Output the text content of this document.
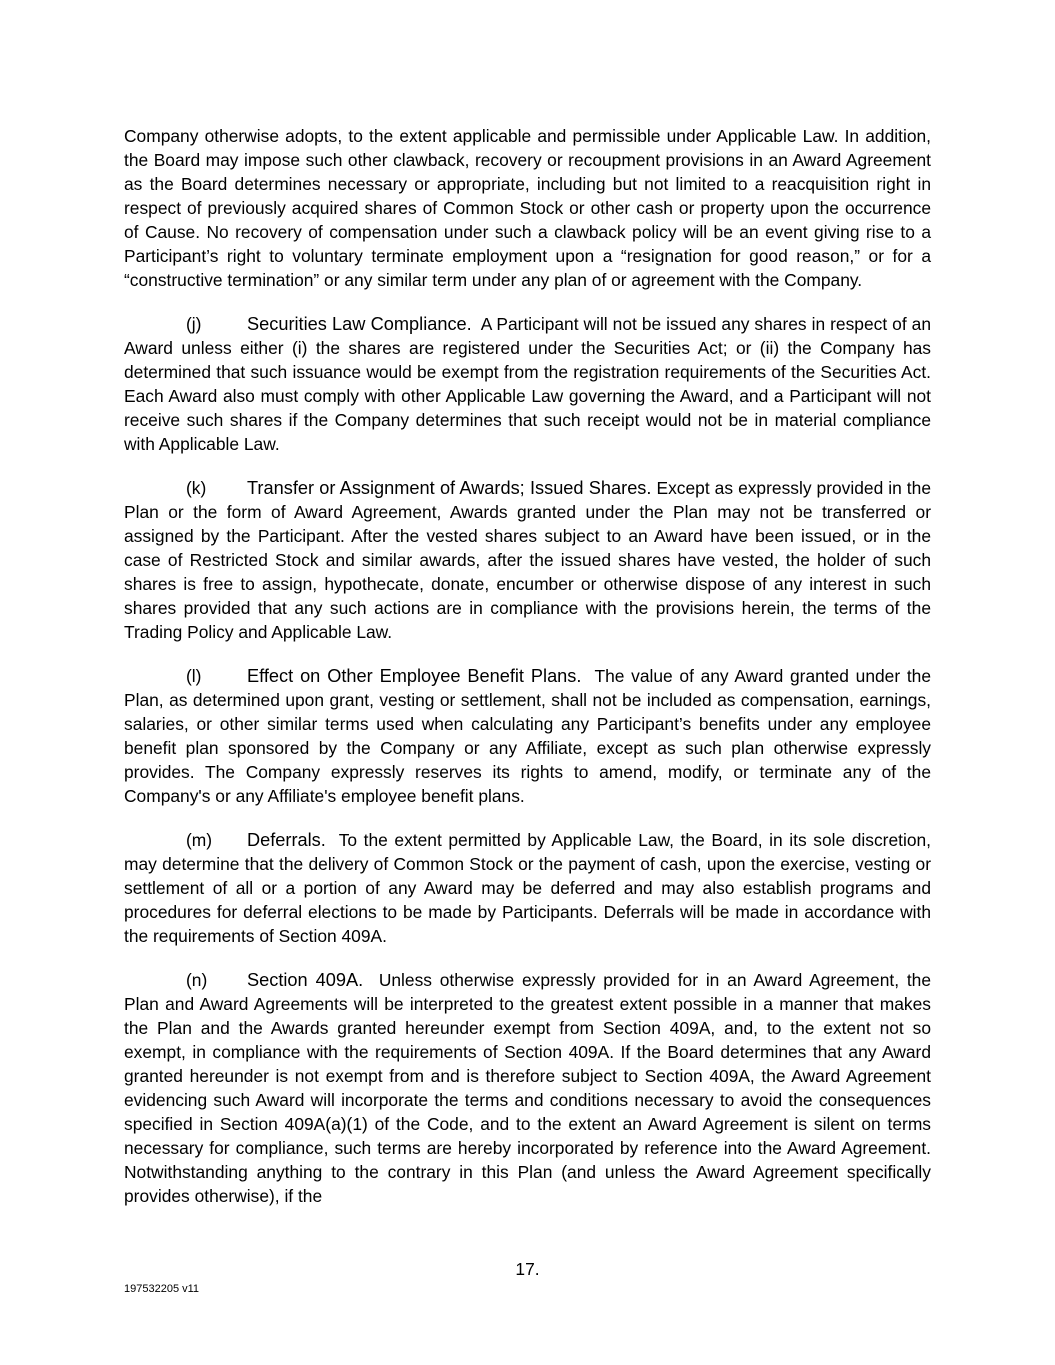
Company otherwise adopts, to the extent applicable and permissible under Applicable Law. In addition, the Board may impose such other clawback, recovery or recoupment provisions in an Award Agreement as the Board determines necessary or appropriate, including but not limited to a reacquisition right in respect of previously acquired shares of Common Stock or other cash or property upon the occurrence of Cause. No recovery of compensation under such a clawback policy will be an event giving rise to a Participant’s right to voluntary terminate employment upon a “resignation for good reason,” or for a “constructive termination” or any similar term under any plan of or agreement with the Company.

(j)	Securities Law Compliance. A Participant will not be issued any shares in respect of an Award unless either (i) the shares are registered under the Securities Act; or (ii) the Company has determined that such issuance would be exempt from the registration requirements of the Securities Act. Each Award also must comply with other Applicable Law governing the Award, and a Participant will not receive such shares if the Company determines that such receipt would not be in material compliance with Applicable Law.

(k) Transfer or Assignment of Awards; Issued Shares. Except as expressly provided in the Plan or the form of Award Agreement, Awards granted under the Plan may not be transferred or assigned by the Participant. After the vested shares subject to an Award have been issued, or in the case of Restricted Stock and similar awards, after the issued shares have vested, the holder of such shares is free to assign, hypothecate, donate, encumber or otherwise dispose of any interest in such shares provided that any such actions are in compliance with the provisions herein, the terms of the Trading Policy and Applicable Law.

(l)	Effect on Other Employee Benefit Plans. The value of any Award granted under the Plan, as determined upon grant, vesting or settlement, shall not be included as compensation, earnings, salaries, or other similar terms used when calculating any Participant’s benefits under any employee benefit plan sponsored by the Company or any Affiliate, except as such plan otherwise expressly provides. The Company expressly reserves its rights to amend, modify, or terminate any of the Company's or any Affiliate's employee benefit plans.

(m) Deferrals. To the extent permitted by Applicable Law, the Board, in its sole discretion, may determine that the delivery of Common Stock or the payment of cash, upon the exercise, vesting or settlement of all or a portion of any Award may be deferred and may also establish programs and procedures for deferral elections to be made by Participants. Deferrals will be made in accordance with the requirements of Section 409A.

(n) Section 409A. Unless otherwise expressly provided for in an Award Agreement, the Plan and Award Agreements will be interpreted to the greatest extent possible in a manner that makes the Plan and the Awards granted hereunder exempt from Section 409A, and, to the extent not so exempt, in compliance with the requirements of Section 409A. If the Board determines that any Award granted hereunder is not exempt from and is therefore subject to Section 409A, the Award Agreement evidencing such Award will incorporate the terms and conditions necessary to avoid the consequences specified in Section 409A(a)(1) of the Code, and to the extent an Award Agreement is silent on terms necessary for compliance, such terms are hereby incorporated by reference into the Award Agreement. Notwithstanding anything to the contrary in this Plan (and unless the Award Agreement specifically provides otherwise), if the

17.
197532205 v11
